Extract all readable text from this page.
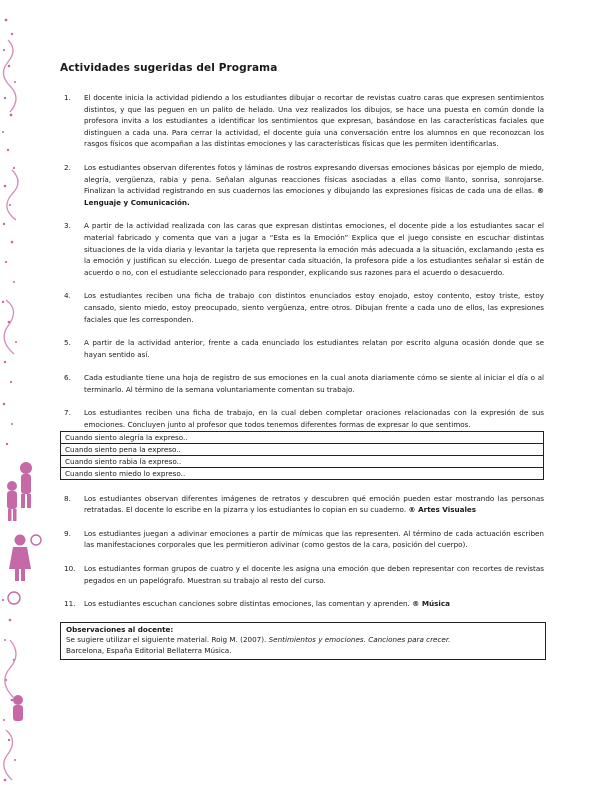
Actividades sugeridas del Programa
1. El docente inicia la actividad pidiendo a los estudiantes dibujar o recortar de revistas cuatro caras que expresen sentimientos distintos, y que las peguen en un palito de helado. Una vez realizados los dibujos, se hace una puesta en común donde la profesora invita a los estudiantes a identificar los sentimientos que expresan, basándose en las características faciales que distinguen a cada una. Para cerrar la actividad, el docente guía una conversación entre los alumnos en que reconozcan los rasgos físicos que acompañan a las distintas emociones y las características físicas que les permiten identificarlas.
2. Los estudiantes observan diferentes fotos y láminas de rostros expresando diversas emociones básicas por ejemplo de miedo, alegría, vergüenza, rabia y pena. Señalan algunas reacciones físicas asociadas a ellas como llanto, sonrisa, sonrojarse. Finalizan la actividad registrando en sus cuadernos las emociones y dibujando las expresiones físicas de cada una de ellas. ® Lenguaje y Comunicación.
3. A partir de la actividad realizada con las caras que expresan distintas emociones, el docente pide a los estudiantes sacar el material fabricado y comenta que van a jugar a “Esta es la Emoción” Explica que el juego consiste en escuchar distintas situaciones de la vida diaria y levantar la tarjeta que representa la emoción más adecuada a la situación, exclamando ¡esta es la emoción y justifican su elección. Luego de presentar cada situación, la profesora pide a los estudiantes señalar si están de acuerdo o no, con el estudiante seleccionado para responder, explicando sus razones para el acuerdo o desacuerdo.
4. Los estudiantes reciben una ficha de trabajo con distintos enunciados estoy enojado, estoy contento, estoy triste, estoy cansado, siento miedo, estoy preocupado, siento vergüenza, entre otros. Dibujan frente a cada uno de ellos, las expresiones faciales que les corresponden.
5. A partir de la actividad anterior, frente a cada enunciado los estudiantes relatan por escrito alguna ocasión donde que se hayan sentido así.
6. Cada estudiante tiene una hoja de registro de sus emociones en la cual anota diariamente cómo se siente al iniciar el día o al terminarlo. Al término de la semana voluntariamente comentan su trabajo.
7. Los estudiantes reciben una ficha de trabajo, en la cual deben completar oraciones relacionadas con la expresión de sus emociones. Concluyen junto al profesor que todos tenemos diferentes formas de expresar lo que sentimos.
Cuando siento alegría la expreso..
Cuando siento pena la expreso..
Cuando siento rabia la expreso..
Cuando siento miedo lo expreso..
8. Los estudiantes observan diferentes imágenes de retratos y descubren qué emoción pueden estar mostrando las personas retratadas. El docente lo escribe en la pizarra y los estudiantes lo copian en su cuaderno. ® Artes Visuales
9. Los estudiantes juegan a adivinar emociones a partir de mímicas que las representen. Al término de cada actuación escriben las manifestaciones corporales que les permitieron adivinar (como gestos de la cara, posición del cuerpo).
10. Los estudiantes forman grupos de cuatro y el docente les asigna una emoción que deben representar con recortes de revistas pegados en un papelógrafo. Muestran su trabajo al resto del curso.
11. Los estudiantes escuchan canciones sobre distintas emociones, las comentan y aprenden. ® Música
Observaciones al docente:
Se sugiere utilizar el siguiente material. Roig M. (2007). Sentimientos y emociones. Canciones para crecer.
Barcelona, España Editorial Bellaterra Música.
